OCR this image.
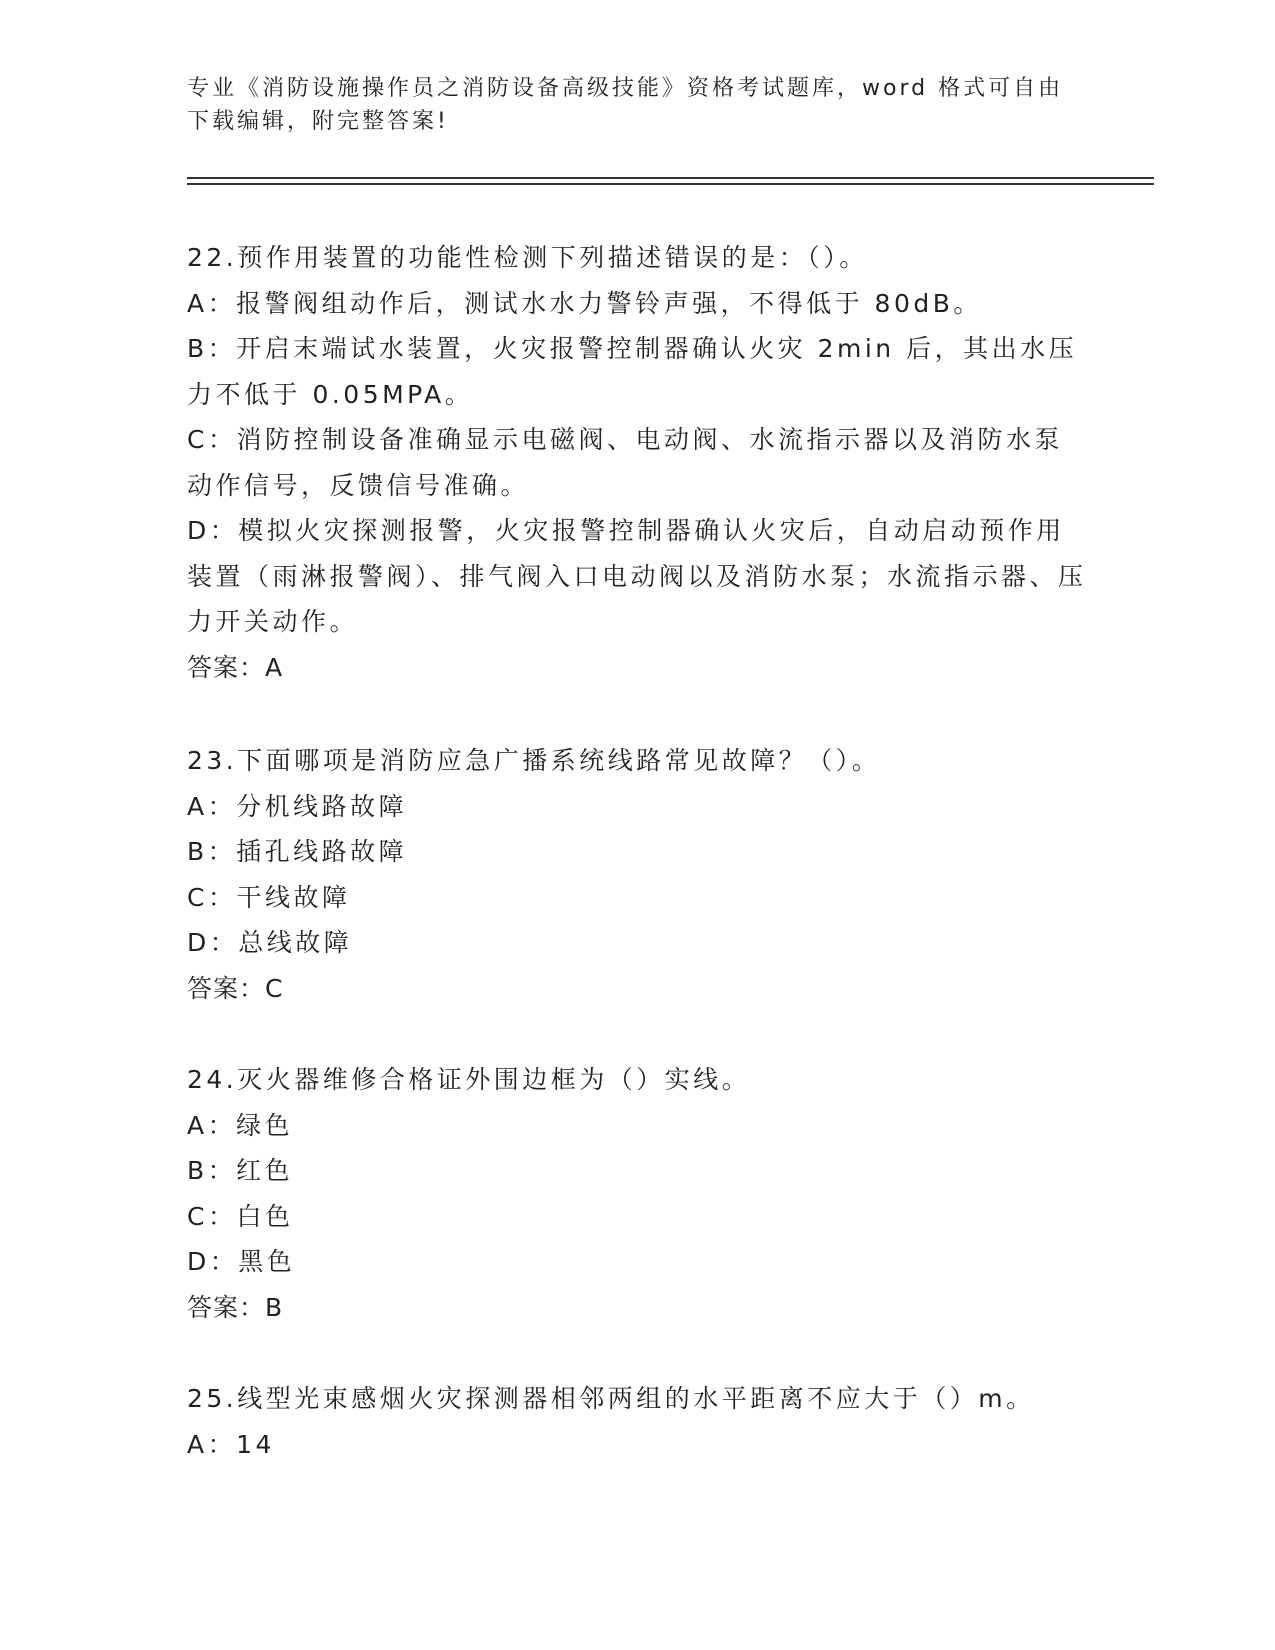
专业《消防设施操作员之消防设备高级技能》资格考试题库，word 格式可自由下载编辑，附完整答案!

22.预作用装置的功能性检测下列描述错误的是：（）。

A：报警阀组动作后，测试水水力警铃声强，不得低于 80dB。

B：开启末端试水装置，火灾报警控制器确认火灾 2min 后，其出水压力不低于 0.05MPA。

C：消防控制设备准确显示电磁阀、电动阀、水流指示器以及消防水泵动作信号，反馈信号准确。

D：模拟火灾探测报警，火灾报警控制器确认火灾后，自动启动预作用装置（雨淋报警阀）、排气阀入口电动阀以及消防水泵；水流指示器、压力开关动作。

答案：A

23.下面哪项是消防应急广播系统线路常见故障？（）。

A：分机线路故障

B：插孔线路故障

C：干线故障

D：总线故障

答案：C

24.灭火器维修合格证外围边框为（）实线。

A：绿色

B：红色

C：白色

D：黑色

答案：B

25.线型光束感烟火灾探测器相邻两组的水平距离不应大于（）m。

A：14
